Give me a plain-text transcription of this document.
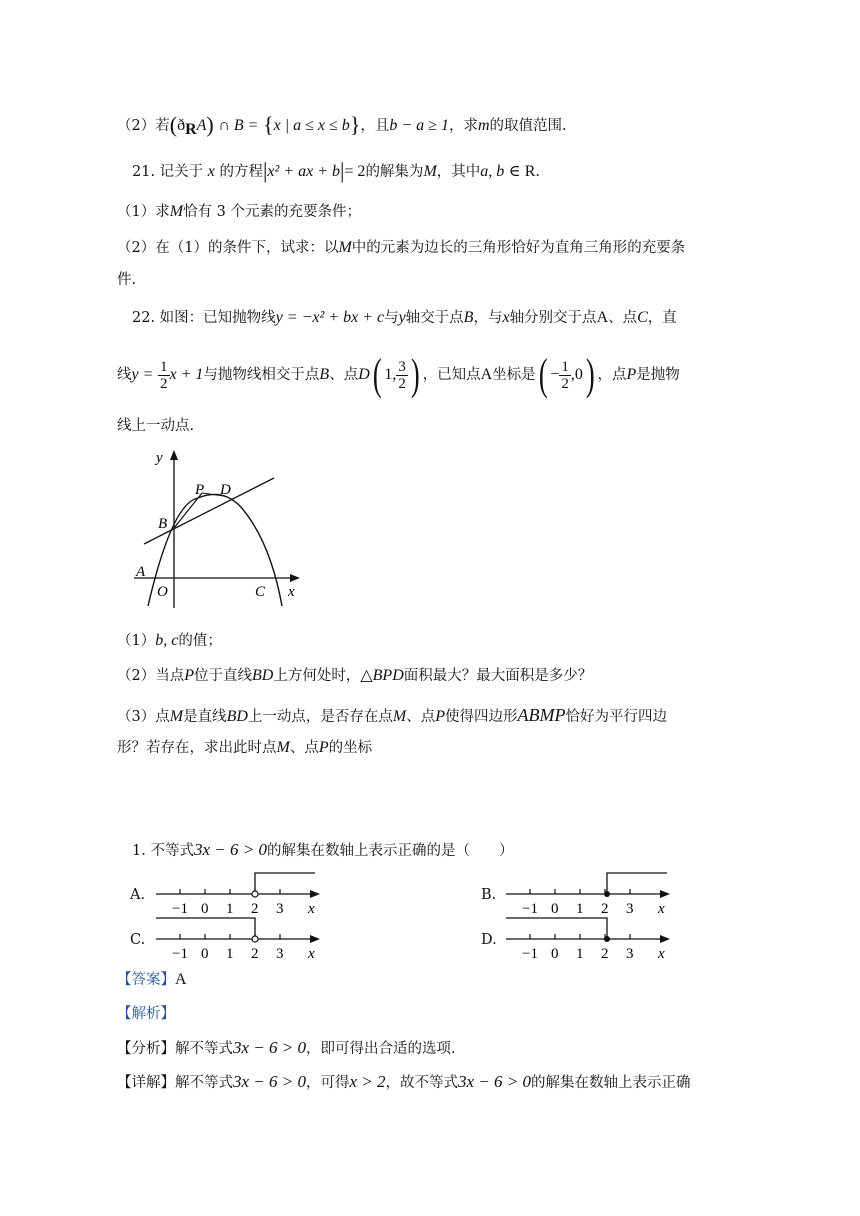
（2）若$(ð_RA)$ ∩ B = {x | a ≤ x ≤ b}，且b − a ≥ 1，求m的取值范围.
21. 记关于 x 的方程|x² + ax + b|= 2的解集为M，其中a, b ∈ R.
（1）求M恰有 3 个元素的充要条件；
（2）在（1）的条件下，试求：以M中的元素为边长的三角形恰好为直角三角形的充要条
件.
22. 如图：已知抛物线y = −x² + bx + c与y轴交于点B，与x轴分别交于点A、点C，直
线$y = \frac{1}{2}$ x + 1与抛物线相交于点B、点D( 1, $\frac{3}{2}$ ) ，已知点A坐标是( − $\frac{1}{2} ,0$) ，点P是抛物
线上一动点.
y
x
O
A
B
C
P D
（1）b, c的值；
（2）当点P位于直线BD上方何处时，△BPD面积最大？最大面积是多少？
（3）点M是直线BD上一动点，是否存在点M、点P使得四边形ABMP恰好为平行四边
形？若存在，求出此时点M、点P的坐标
1. 不等式3x − 6 > 0的解集在数轴上表示正确的是（　　）
A.
−1 0 1 2 3 x
C.
−1 0 1 2 3 x
B.
−1 0 1 2 3 x
D.
−1 0 1 2 3 x
【答案】A
【解析】
【分析】解不等式3x − 6 > 0，即可得出合适的选项.
【详解】解不等式3x − 6 > 0，可得x > 2，故不等式3x − 6 > 0的解集在数轴上表示正确
